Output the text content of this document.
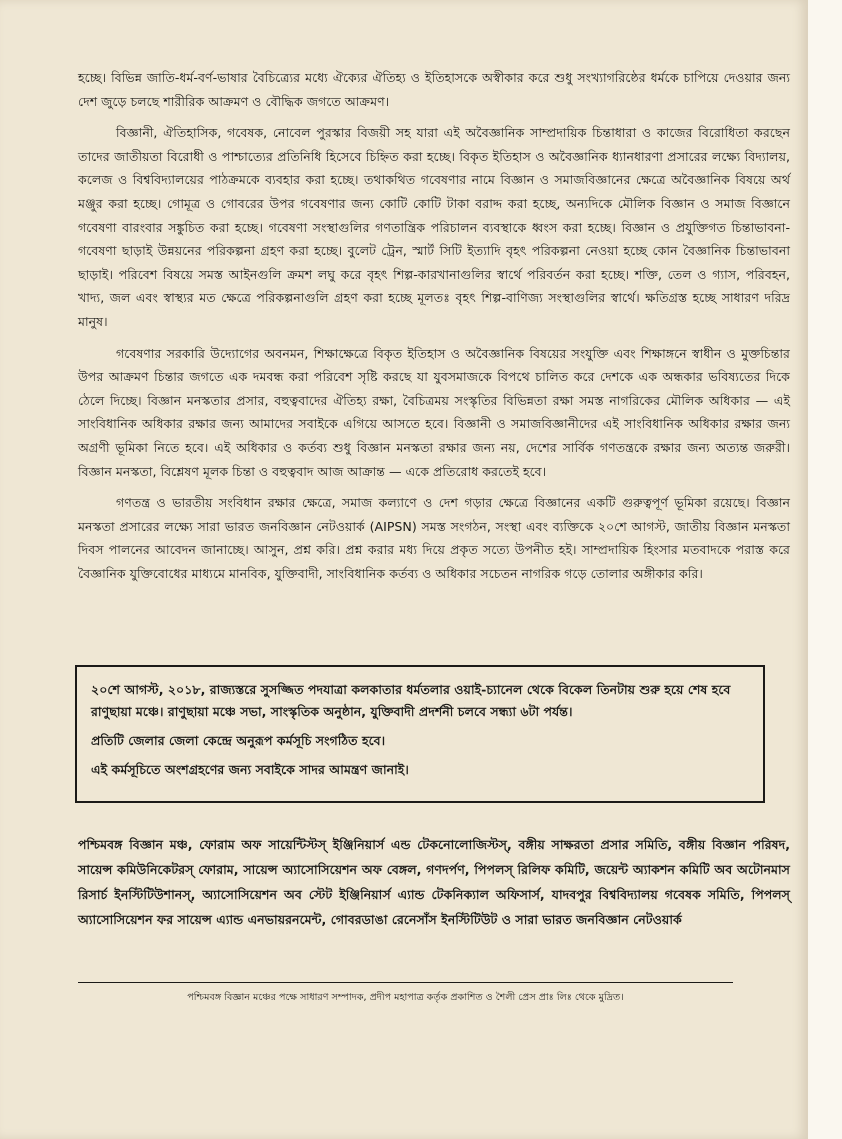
হচ্ছে। বিভিন্ন জাতি-ধর্ম-বর্ণ-ভাষার বৈচিত্র্যের মধ্যে ঐক্যের ঐতিহ্য ও ইতিহাসকে অস্বীকার করে শুধু সংখ্যাগরিষ্ঠের ধর্মকে চাপিয়ে দেওয়ার জন্য দেশ জুড়ে চলছে শারীরিক আক্রমণ ও বৌদ্ধিক জগতে আক্রমণ।

বিজ্ঞানী, ঐতিহাসিক, গবেষক, নোবেল পুরস্কার বিজয়ী সহ যারা এই অবৈজ্ঞানিক সাম্প্রদায়িক চিন্তাধারা ও কাজের বিরোধিতা করছেন তাদের জাতীয়তা বিরোধী ও পাশ্চাত্যের প্রতিনিধি হিসেবে চিহ্নিত করা হচ্ছে। বিকৃত ইতিহাস ও অবৈজ্ঞানিক ধ্যানধারণা প্রসারের লক্ষ্যে বিদ্যালয়, কলেজ ও বিশ্ববিদ্যালয়ের পাঠক্রমকে ব্যবহার করা হচ্ছে। তথাকথিত গবেষণার নামে বিজ্ঞান ও সমাজবিজ্ঞানের ক্ষেত্রে অবৈজ্ঞানিক বিষয়ে অর্থ মঞ্জুর করা হচ্ছে। গোমূত্র ও গোবরের উপর গবেষণার জন্য কোটি কোটি টাকা বরাদ্দ করা হচ্ছে, অন্যদিকে মৌলিক বিজ্ঞান ও সমাজ বিজ্ঞানে গবেষণা বারংবার সঙ্কুচিত করা হচ্ছে। গবেষণা সংস্থাগুলির গণতান্ত্রিক পরিচালন ব্যবস্থাকে ধ্বংস করা হচ্ছে। বিজ্ঞান ও প্রযুক্তিগত চিন্তাভাবনা-গবেষণা ছাড়াই উন্নয়নের পরিকল্পনা গ্রহণ করা হচ্ছে। বুলেট ট্রেন, স্মার্ট সিটি ইত্যাদি বৃহৎ পরিকল্পনা নেওয়া হচ্ছে কোন বৈজ্ঞানিক চিন্তাভাবনা ছাড়াই। পরিবেশ বিষয়ে সমস্ত আইনগুলি ক্রমশ লঘু করে বৃহৎ শিল্প-কারখানাগুলির স্বার্থে পরিবর্তন করা হচ্ছে। শক্তি, তেল ও গ্যাস, পরিবহন, খাদ্য, জল এবং স্বাস্থ্যর মত ক্ষেত্রে পরিকল্পনাগুলি গ্রহণ করা হচ্ছে মূলতঃ বৃহৎ শিল্প-বাণিজ্য সংস্থাগুলির স্বার্থে। ক্ষতিগ্রস্ত হচ্ছে সাধারণ দরিদ্র মানুষ।

গবেষণার সরকারি উদ্যোগের অবনমন, শিক্ষাক্ষেত্রে বিকৃত ইতিহাস ও অবৈজ্ঞানিক বিষয়ের সংযুক্তি এবং শিক্ষাঙ্গনে স্বাধীন ও মুক্তচিন্তার উপর আক্রমণ চিন্তার জগতে এক দমবন্ধ করা পরিবেশ সৃষ্টি করছে যা যুবসমাজকে বিপথে চালিত করে দেশকে এক অন্ধকার ভবিষ্যতের দিকে ঠেলে দিচ্ছে। বিজ্ঞান মনস্কতার প্রসার, বহুত্ববাদের ঐতিহ্য রক্ষা, বৈচিত্রময় সংস্কৃতির বিভিন্নতা রক্ষা সমস্ত নাগরিকের মৌলিক অধিকার — এই সাংবিধানিক অধিকার রক্ষার জন্য আমাদের সবাইকে এগিয়ে আসতে হবে। বিজ্ঞানী ও সমাজবিজ্ঞানীদের এই সাংবিধানিক অধিকার রক্ষার জন্য অগ্রণী ভূমিকা নিতে হবে। এই অধিকার ও কর্তব্য শুধু বিজ্ঞান মনস্কতা রক্ষার জন্য নয়, দেশের সার্বিক গণতন্ত্রকে রক্ষার জন্য অত্যন্ত জরুরী। বিজ্ঞান মনস্কতা, বিশ্লেষণ মূলক চিন্তা ও বহুত্ববাদ আজ আক্রান্ত — একে প্রতিরোধ করতেই হবে।

গণতন্ত্র ও ভারতীয় সংবিধান রক্ষার ক্ষেত্রে, সমাজ কল্যাণে ও দেশ গড়ার ক্ষেত্রে বিজ্ঞানের একটি গুরুত্বপূর্ণ ভূমিকা রয়েছে। বিজ্ঞান মনস্কতা প্রসারের লক্ষ্যে সারা ভারত জনবিজ্ঞান নেটওয়ার্ক (AIPSN) সমস্ত সংগঠন, সংস্থা এবং ব্যক্তিকে ২০শে আগস্ট, জাতীয় বিজ্ঞান মনস্কতা দিবস পালনের আবেদন জানাচ্ছে। আসুন, প্রশ্ন করি। প্রশ্ন করার মধ্য দিয়ে প্রকৃত সত্যে উপনীত হই। সাম্প্রদায়িক হিংসার মতবাদকে পরাস্ত করে বৈজ্ঞানিক যুক্তিবোধের মাধ্যমে মানবিক, যুক্তিবাদী, সাংবিধানিক কর্তব্য ও অধিকার সচেতন নাগরিক গড়ে তোলার অঙ্গীকার করি।

২০শে আগস্ট, ২০১৮, রাজ্যস্তরে সুসজ্জিত পদযাত্রা কলকাতার ধর্মতলার ওয়াই-চ্যানেল থেকে বিকেল তিনটায় শুরু হয়ে শেষ হবে রাণুছায়া মঞ্চে। রাণুছায়া মঞ্চে সভা, সাংস্কৃতিক অনুষ্ঠান, যুক্তিবাদী প্রদর্শনী চলবে সন্ধ্যা ৬টা পর্যন্ত।

প্রতিটি জেলার জেলা কেন্দ্রে অনুরূপ কর্মসূচি সংগঠিত হবে।

এই কর্মসূচিতে অংশগ্রহণের জন্য সবাইকে সাদর আমন্ত্রণ জানাই।

পশ্চিমবঙ্গ বিজ্ঞান মঞ্চ, ফোরাম অফ সায়েন্টিস্টস্ ইঞ্জিনিয়ার্স এন্ড টেকনোলোজিস্টস্, বঙ্গীয় সাক্ষরতা প্রসার সমিতি, বঙ্গীয় বিজ্ঞান পরিষদ, সায়েন্স কমিউনিকেটরস্ ফোরাম, সায়েন্স অ্যাসোসিয়েশন অফ বেঙ্গল, গণদর্পণ, পিপলস্ রিলিফ কমিটি, জয়েন্ট অ্যাকশন কমিটি অব অটোনমাস রিসার্চ ইনস্টিটিউশানস্, অ্যাসোসিয়েশন অব স্টেট ইঞ্জিনিয়ার্স এ্যান্ড টেকনিক্যাল অফিসার্স, যাদবপুর বিশ্ববিদ্যালয় গবেষক সমিতি, পিপলস্ অ্যাসোসিয়েশন ফর সায়েন্স এ্যান্ড এনভায়রনমেন্ট, গোবরডাঙা রেনেসাঁস ইনস্টিটিউট ও সারা ভারত জনবিজ্ঞান নেটওয়ার্ক
পশ্চিমবঙ্গ বিজ্ঞান মঞ্চের পক্ষে সাধারণ সম্পাদক, প্রদীপ মহাপাত্র কর্তৃক প্রকাশিত ও শৈলী প্রেস প্রাঃ লিঃ থেকে মুদ্রিত।
